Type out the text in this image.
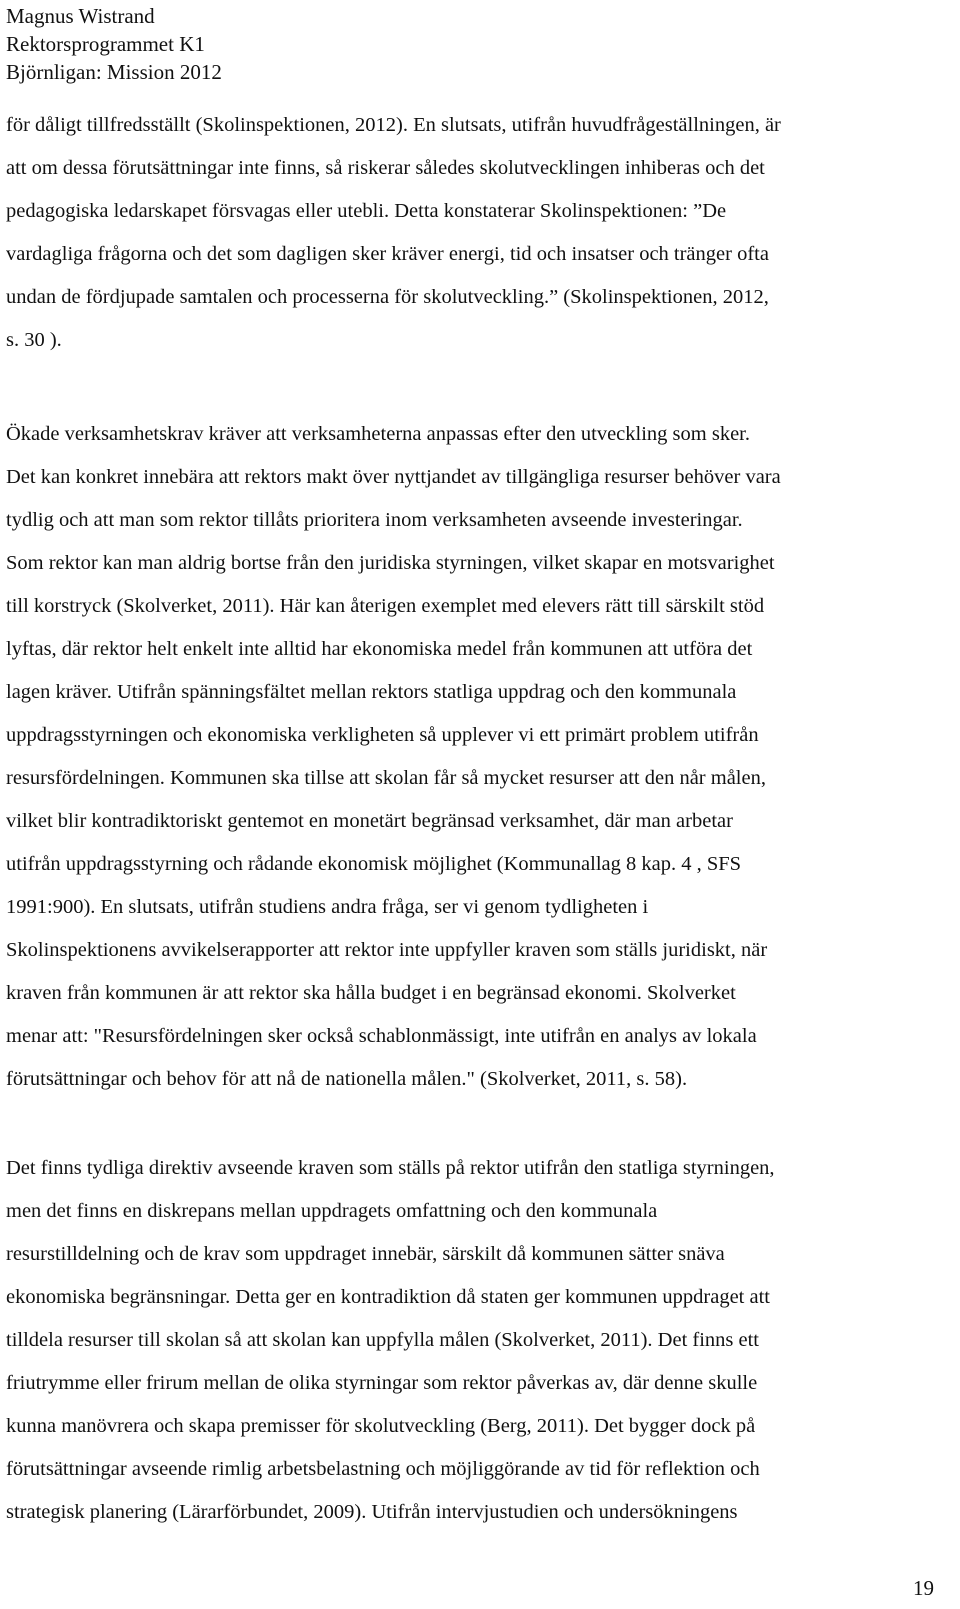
Magnus Wistrand
Rektorsprogrammet K1
Björnligan: Mission 2012
för dåligt tillfredsställt (Skolinspektionen, 2012). En slutsats, utifrån huvudfrågeställningen, är
att om dessa förutsättningar inte finns, så riskerar således skolutvecklingen inhiberas och det
pedagogiska ledarskapet försvagas eller utebli. Detta konstaterar Skolinspektionen: ”De
vardagliga frågorna och det som dagligen sker kräver energi, tid och insatser och tränger ofta
undan de fördjupade samtalen och processerna för skolutveckling.” (Skolinspektionen, 2012,
s. 30 ).
Ökade verksamhetskrav kräver att verksamheterna anpassas efter den utveckling som sker.
Det kan konkret innebära att rektors makt över nyttjandet av tillgängliga resurser behöver vara
tydlig och att man som rektor tillåts prioritera inom verksamheten avseende investeringar.
Som rektor kan man aldrig bortse från den juridiska styrningen, vilket skapar en motsvarighet
till korstryck (Skolverket, 2011). Här kan återigen exemplet med elevers rätt till särskilt stöd
lyftas, där rektor helt enkelt inte alltid har ekonomiska medel från kommunen att utföra det
lagen kräver. Utifrån spänningsfältet mellan rektors statliga uppdrag och den kommunala
uppdragsstyrningen och ekonomiska verkligheten så upplever vi ett primärt problem utifrån
resursfördelningen. Kommunen ska tillse att skolan får så mycket resurser att den når målen,
vilket blir kontradiktoriskt gentemot en monetärt begränsad verksamhet, där man arbetar
utifrån uppdragsstyrning och rådande ekonomisk möjlighet (Kommunallag 8 kap. 4 , SFS
1991:900). En slutsats, utifrån studiens andra fråga, ser vi genom tydligheten i
Skolinspektionens avvikelserapporter att rektor inte uppfyller kraven som ställs juridiskt, när
kraven från kommunen är att rektor ska hålla budget i en begränsad ekonomi. Skolverket
menar att: "Resursfördelningen sker också schablonmässigt, inte utifrån en analys av lokala
förutsättningar och behov för att nå de nationella målen." (Skolverket, 2011, s. 58).
Det finns tydliga direktiv avseende kraven som ställs på rektor utifrån den statliga styrningen,
men det finns en diskrepans mellan uppdragets omfattning och den kommunala
resurstilldelning och de krav som uppdraget innebär, särskilt då kommunen sätter snäva
ekonomiska begränsningar. Detta ger en kontradiktion då staten ger kommunen uppdraget att
tilldela resurser till skolan så att skolan kan uppfylla målen (Skolverket, 2011). Det finns ett
friutrymme eller frirum mellan de olika styrningar som rektor påverkas av, där denne skulle
kunna manövrera och skapa premisser för skolutveckling (Berg, 2011). Det bygger dock på
förutsättningar avseende rimlig arbetsbelastning och möjliggörande av tid för reflektion och
strategisk planering (Lärarförbundet, 2009). Utifrån intervjustudien och undersökningens
19
